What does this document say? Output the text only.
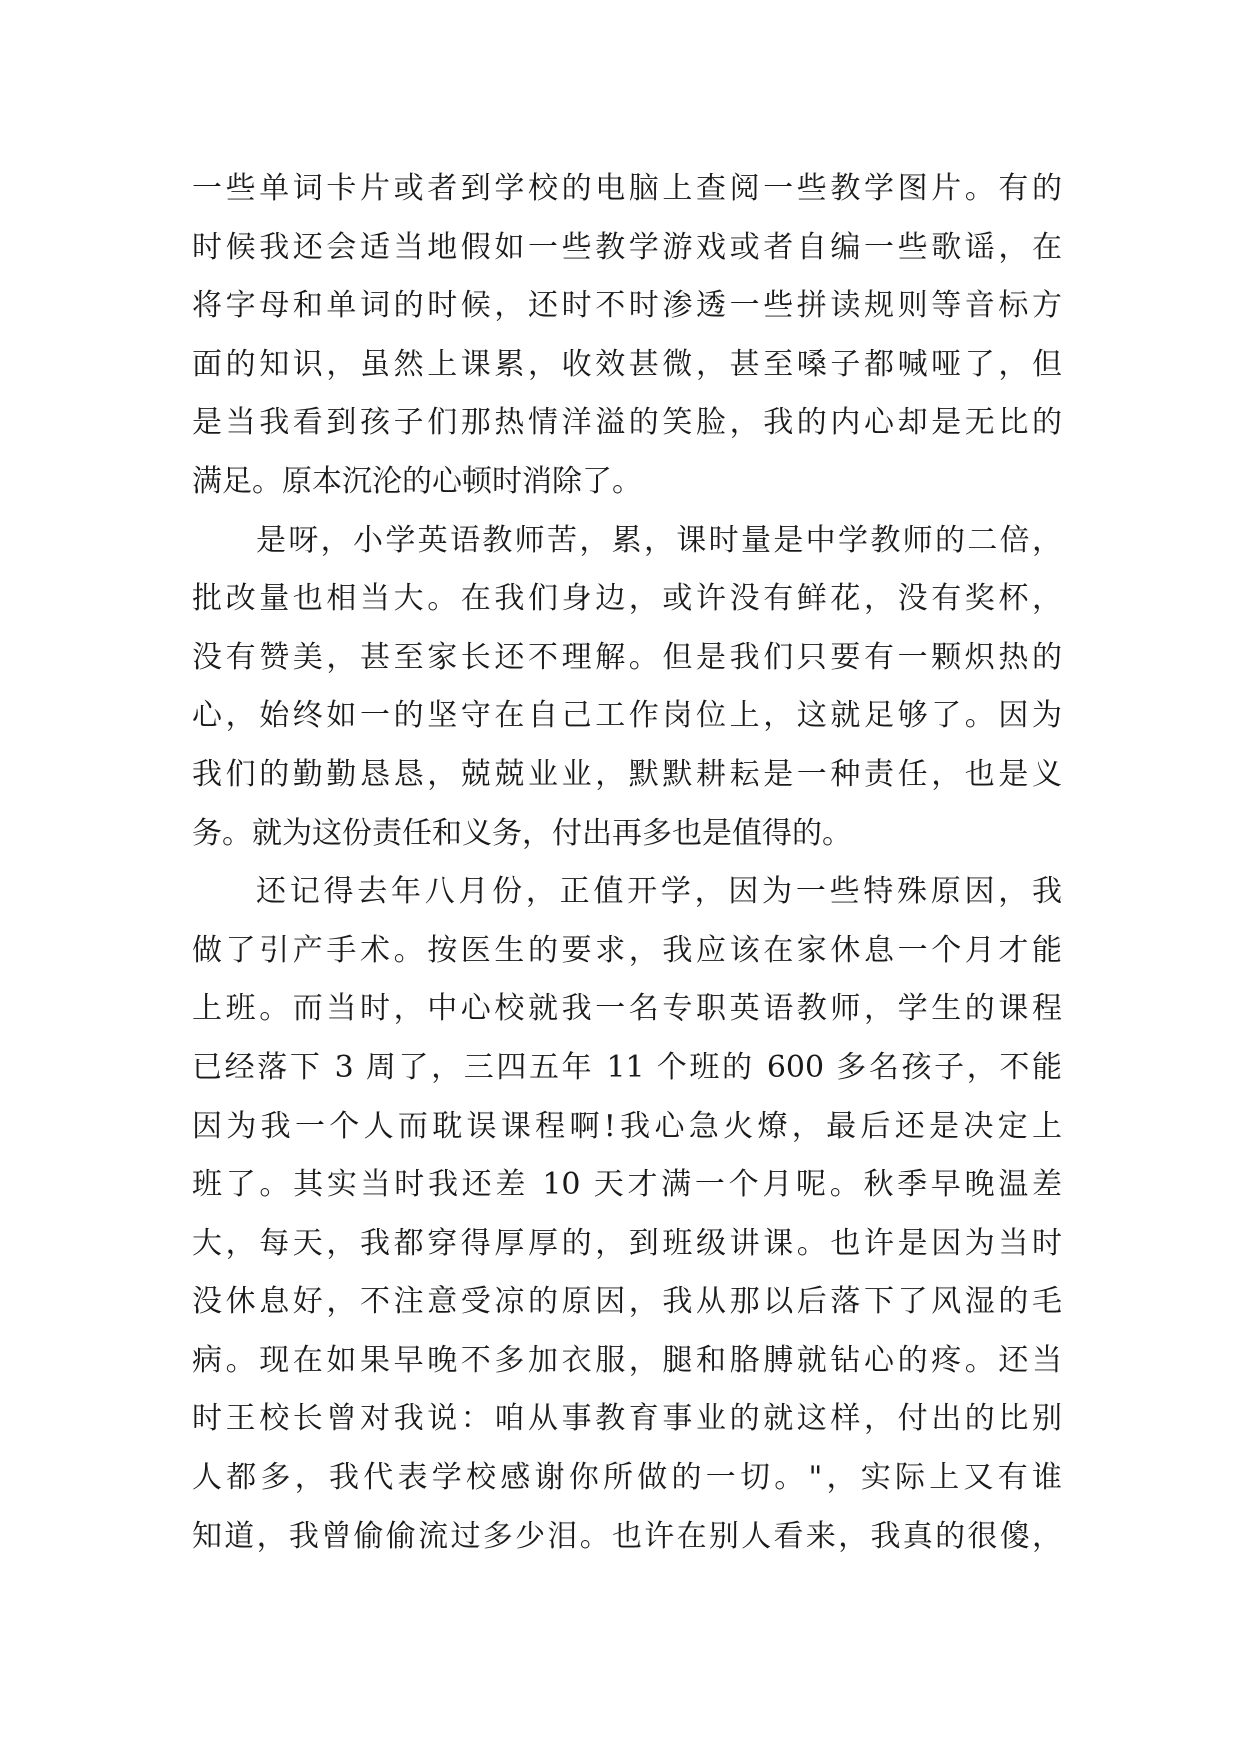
一些单词卡片或者到学校的电脑上查阅一些教学图片。有的
时候我还会适当地假如一些教学游戏或者自编一些歌谣，在
将字母和单词的时候，还时不时渗透一些拼读规则等音标方
面的知识，虽然上课累，收效甚微，甚至嗓子都喊哑了，但
是当我看到孩子们那热情洋溢的笑脸，我的内心却是无比的
满足。原本沉沦的心顿时消除了。
是呀，小学英语教师苦，累，课时量是中学教师的二倍，
批改量也相当大。在我们身边，或许没有鲜花，没有奖杯，
没有赞美，甚至家长还不理解。但是我们只要有一颗炽热的
心，始终如一的坚守在自己工作岗位上，这就足够了。因为
我们的勤勤恳恳，兢兢业业，默默耕耘是一种责任，也是义
务。就为这份责任和义务，付出再多也是值得的。
还记得去年八月份，正值开学，因为一些特殊原因，我
做了引产手术。按医生的要求，我应该在家休息一个月才能
上班。而当时，中心校就我一名专职英语教师，学生的课程
已经落下 3 周了，三四五年 11 个班的 600 多名孩子，不能
因为我一个人而耽误课程啊!我心急火燎，最后还是决定上
班了。其实当时我还差 10 天才满一个月呢。秋季早晚温差
大，每天，我都穿得厚厚的，到班级讲课。也许是因为当时
没休息好，不注意受凉的原因，我从那以后落下了风湿的毛
病。现在如果早晚不多加衣服，腿和胳膊就钻心的疼。还当
时王校长曾对我说：咱从事教育事业的就这样，付出的比别
人都多，我代表学校感谢你所做的一切。"，实际上又有谁
知道，我曾偷偷流过多少泪。也许在别人看来，我真的很傻，
